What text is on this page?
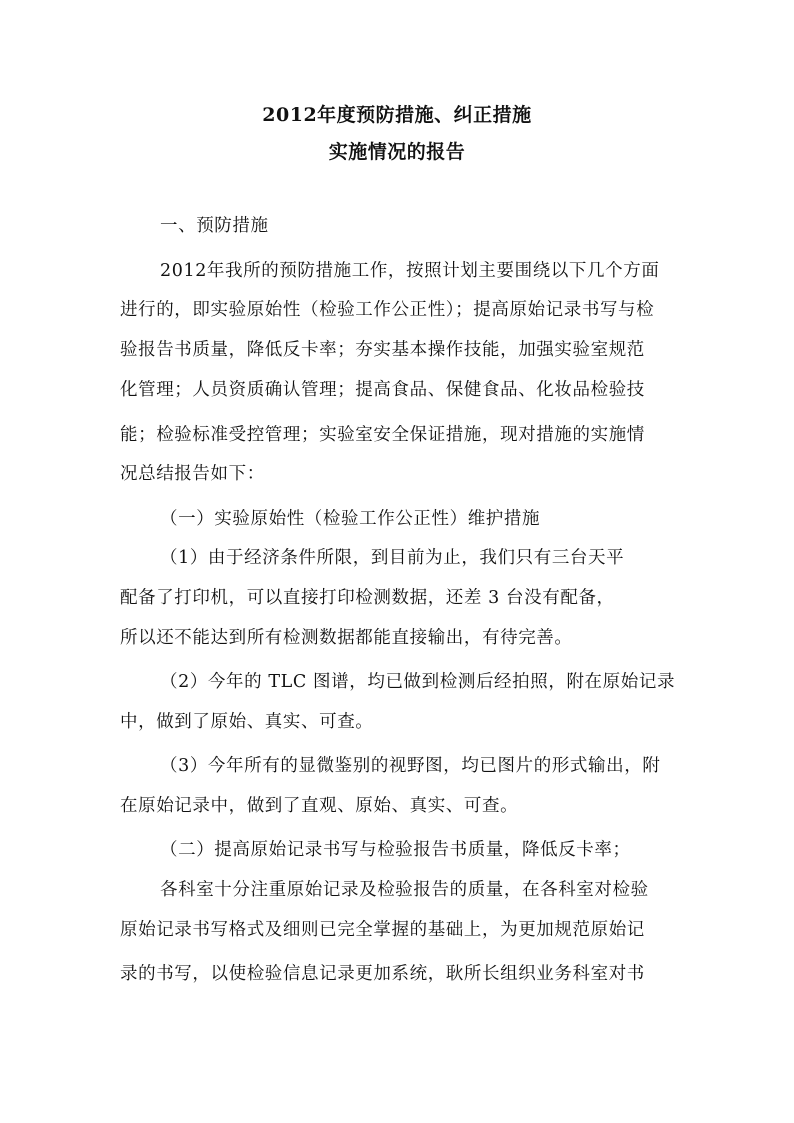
2012年度预防措施、纠正措施
实施情况的报告
一、预防措施
2012年我所的预防措施工作，按照计划主要围绕以下几个方面
进行的，即实验原始性（检验工作公正性）；提高原始记录书写与检
验报告书质量，降低反卡率；夯实基本操作技能，加强实验室规范
化管理；人员资质确认管理；提高食品、保健食品、化妆品检验技
能；检验标准受控管理；实验室安全保证措施，现对措施的实施情
况总结报告如下：
（一）实验原始性（检验工作公正性）维护措施
（1）由于经济条件所限，到目前为止，我们只有三台天平
配备了打印机，可以直接打印检测数据，还差 3 台没有配备，
所以还不能达到所有检测数据都能直接输出，有待完善。
（2）今年的 TLC 图谱，均已做到检测后经拍照，附在原始记录
中，做到了原始、真实、可查。
（3）今年所有的显微鉴别的视野图，均已图片的形式输出，附
在原始记录中，做到了直观、原始、真实、可查。
（二）提高原始记录书写与检验报告书质量，降低反卡率；
各科室十分注重原始记录及检验报告的质量，在各科室对检验
原始记录书写格式及细则已完全掌握的基础上，为更加规范原始记
录的书写，以使检验信息记录更加系统，耿所长组织业务科室对书
